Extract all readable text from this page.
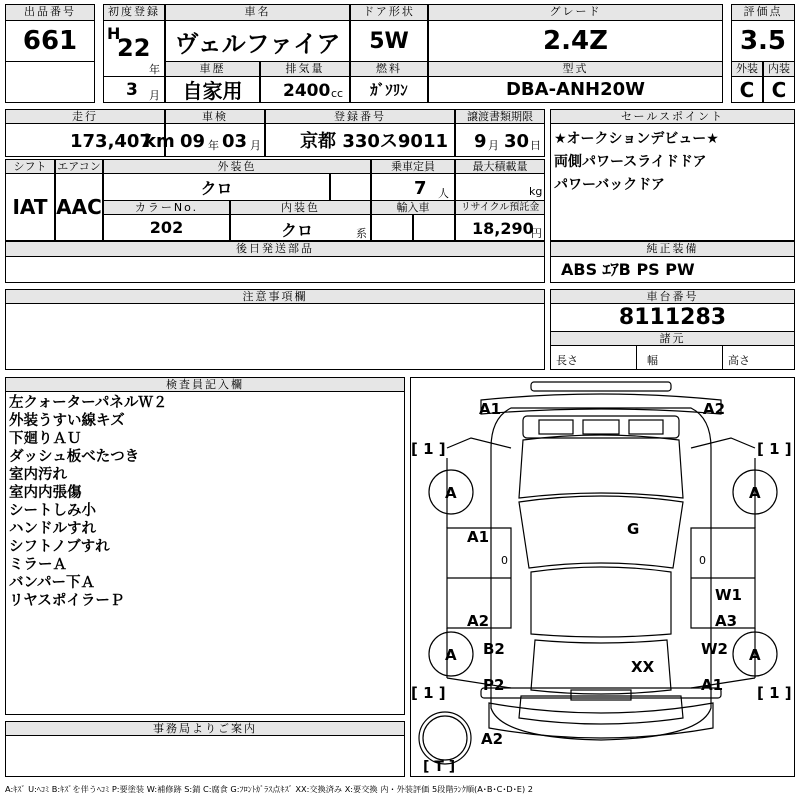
出品番号
661
初度登録
H
22
年
3 月
車名
ヴェルファイア
ドア形状
5W
グレード
2.4Z
評価点
3.5
車歴
自家用
排気量
2400 cc
燃料
ｶﾞｿﾘﾝ
型式
DBA-ANH20W
外装
C
内装
C
走行
173,407
km
車検
09 年 03 月
登録番号
京都 330ス9011
譲渡書類期限
9 月 30 日
シフト
IAT
エアコン
AAC
外装色
クロ
乗車定員
7 人
最大積載量
kg
カラーNo.
202
内装色
クロ	系
輸入車	リサイクル預託金
18,290
円
後日発送部品
セールスポイント
★オークションデビュー★
両側パワースライドドア
パワーバックドア
純正装備
ABS ｴｱB PS PW
車台番号
8111283
諸元
長さ	幅	高さ
注意事項欄
検査員記入欄
左クォーターパネルＷ２
外装うすい線キズ
下廻りＡＵ
ダッシュ板べたつき
室内汚れ
室内内張傷
シートしみ小
ハンドルすれ
シフトノブすれ
ミラーＡ
バンパー下Ａ
リヤスポイラーＰ
事務局よりご案内
A1	A2
[ 1 ]	[ 1 ]
A	A
G
A1
0	0
A2
W1
A3
W2
B2
A	A
XX
P2	A1
[ 1 ]	[ 1 ]
A2
[ T ]
A:ｷｽﾞ U:ﾍｺﾐ B:ｷｽﾞを伴うﾍｺﾐ P:要塗装 W:補修跡 S:錆 C:腐食 G:ﾌﾛﾝﾄｶﾞﾗｽ点ｷｽﾞ XX:交換済み X:要交換 内・外装評価 5段階ﾗﾝｸ順(A･B･C･D･E) 2
